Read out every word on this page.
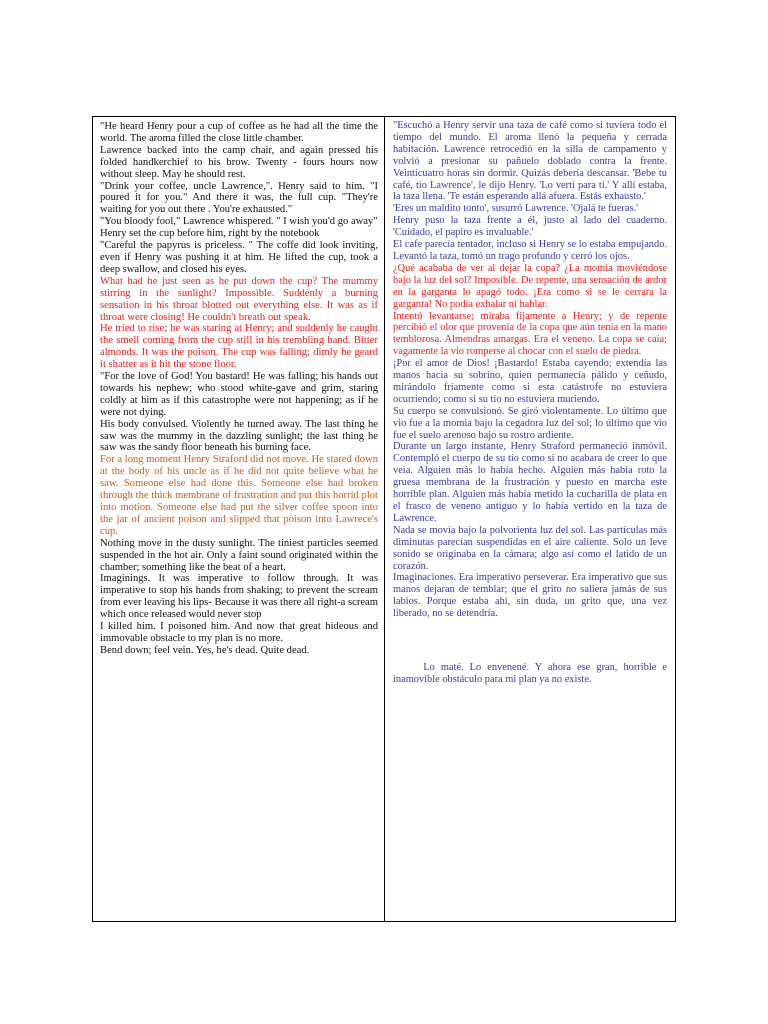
"He heard Henry pour a cup of coffee as he had all the time the world. The aroma filled the close little chamber.

Lawrence backed into the camp chair, and again pressed his folded handkerchief to his brow. Twenty - fours hours now without sleep. May he should rest.

"Drink your coffee, uncle Lawrence,". Henry said to him. "I poured it for you." And there it was, the full cup. "They're waiting for you out there . You're exhausted."

"You bloody fool," Lawrence whispered. " I wish you'd go away"

Henry set the cup before him, right by the notebook

"Careful the papyrus is priceless. " The coffe did look inviting, even if Henry was pushing it at him. He lifted the cup, took a deep swallow, and closed his eyes.

What had he just seen as he put down the cup? The mummy stirring in the sunlight? Impossible. Suddenly a burning sensation in his throat blotted out everything else. It was as if throat were closing! He couldn't breath out speak.

He tried to rise; he was staring at Henry; and suddenly he caught the smell coming from the cup still in his trembling hand. Bitter almonds. It was the poison. The cup was falling; dimly he geard it shatter as it hit the stone floor.

"For the love of God! You bastard! He was falling; his hands out towards his nephew; who stood white-gave and grim, staring coldly at him as if this catastrophe were not happening; as if he were not dying.

His body convulsed. Violently he turned away. The last thing he saw was the mummy in the dazzling sunlight; the last thing he saw was the sandy floor beneath his burning face.

For a long moment Henry Straford did not move. He stared down at the body of his uncle as if he did not quite believe what he saw. Someone else had done this. Someone else had broken through the thick membrane of frustration and put this horrid plot into motion. Someone else had put the silver coffee spoon into the jar of ancient poison and slipped that poison into Lawrece's cup.

Nothing move in the dusty sunlight. The tiniest particles seemed suspended in the hot air. Only a faint sound originated within the chamber; something like the beat of a heart.

Imaginings. It was imperative to follow through. It was imperative to stop his hands from shaking; to prevent the scream from ever leaving his lips- Because it was there all right-a scream which once released would never stop

I killed him. I poisoned him. And now that great hideous and immovable obstacle to my plan is no more.

Bend down; feel vein. Yes, he's dead. Quite dead.

"Escuchó a Henry servir una taza de café como si tuviera todo el tiempo del mundo. El aroma llenó la pequeña y cerrada habitación. Lawrence retrocedió en la silla de campamento y volvió a presionar su pañuelo doblado contra la frente. Veinticuatro horas sin dormir. Quizás debería descansar. 'Bebe tu café, tío Lawrence', le dijo Henry. 'Lo vertí para ti.' Y allí estaba, la taza llena. 'Te están esperando allá afuera. Estás exhausto.'

'Eres un maldito tonto', susurró Lawrence. 'Ojalá te fueras.'

Henry puso la taza frente a él, justo al lado del cuaderno. 'Cuidado, el papiro es invaluable.'

El cafe parecía tentador, incluso si Henry se lo estaba empujando. Levantó la taza, tomó un trago profundo y cerró los ojos.

¿Qué acababa de ver al dejar la copa? ¿La momia moviéndose bajo la luz del sol? Imposible. De repente, una sensación de ardor en la garganta lo apagó todo. ¡Era como si se le cerrara la garganta! No podía exhalar ni hablar.

Intentó levantarse; miraba fijamente a Henry; y de repente percibió el olor que provenía de la copa que aún tenía en la mano temblorosa. Almendras amargas. Era el veneno. La copa se caía; vagamente la vio romperse al chocar con el suelo de piedra.

¡Por el amor de Dios! ¡Bastardo! Estaba cayendo; extendía las manos hacia su sobrino, quien permanecía pálido y ceñudo, mirándolo fríamente como si esta catástrofe no estuviera ocurriendo; como si su tío no estuviera muriendo.

Su cuerpo se convulsionó. Se giró violentamente. Lo último que vio fue a la momia bajo la cegadora luz del sol; lo último que vio fue el suelo arenoso bajo su rostro ardiente.

Durante un largo instante, Henry Straford permaneció inmóvil. Contempló el cuerpo de su tío como si no acabara de creer lo que veía. Alguien más lo había hecho. Alguien más había roto la gruesa membrana de la frustración y puesto en marcha este horrible plan. Alguien más había metido la cucharilla de plata en el frasco de veneno antiguo y lo había vertido en la taza de Lawrence.

Nada se movía bajo la polvorienta luz del sol. Las partículas más diminutas parecían suspendidas en el aire caliente. Solo un leve sonido se originaba en la cámara; algo así como el latido de un corazón.

Imaginaciones. Era imperativo perseverar. Era imperativo que sus manos dejaran de temblar; que el grito no saliera jamás de sus labios. Porque estaba ahí, sin duda, un grito que, una vez liberado, no se detendría.

Lo maté. Lo envenené. Y ahora ese gran, horrible e inamovible obstáculo para mi plan ya no existe.
